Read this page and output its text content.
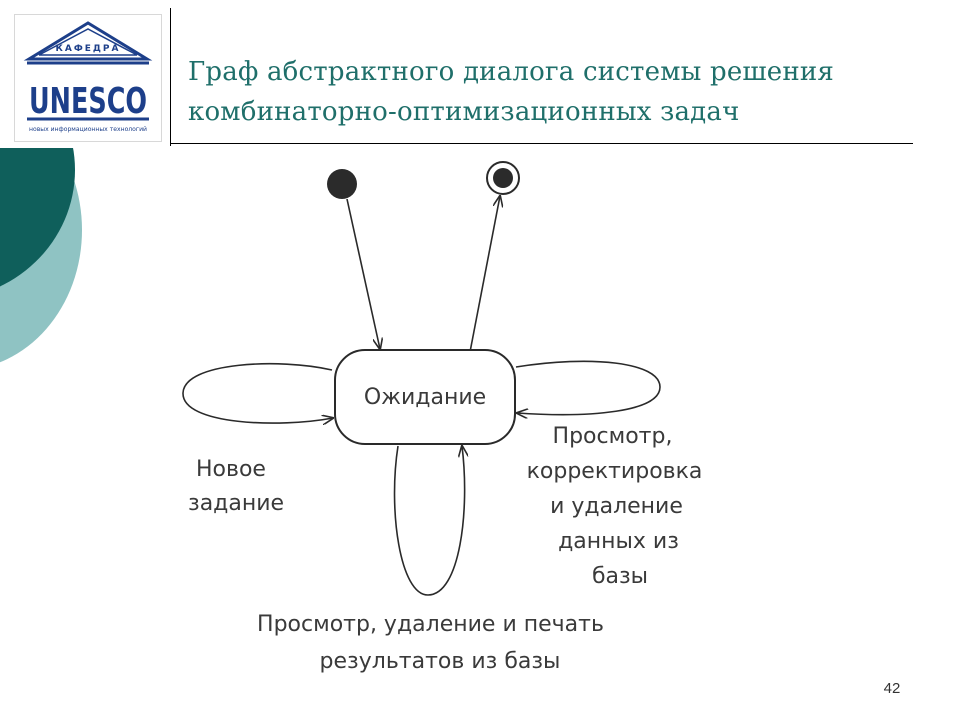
КАФЕДРА
UNESCO
новых информационных технологий
Граф абстрактного диалога системы решения
комбинаторно-оптимизационных задач
Ожидание
Новое задание
Просмотр, корректировка и удаление данных из базы
Просмотр, удаление и печать результатов из базы
42
